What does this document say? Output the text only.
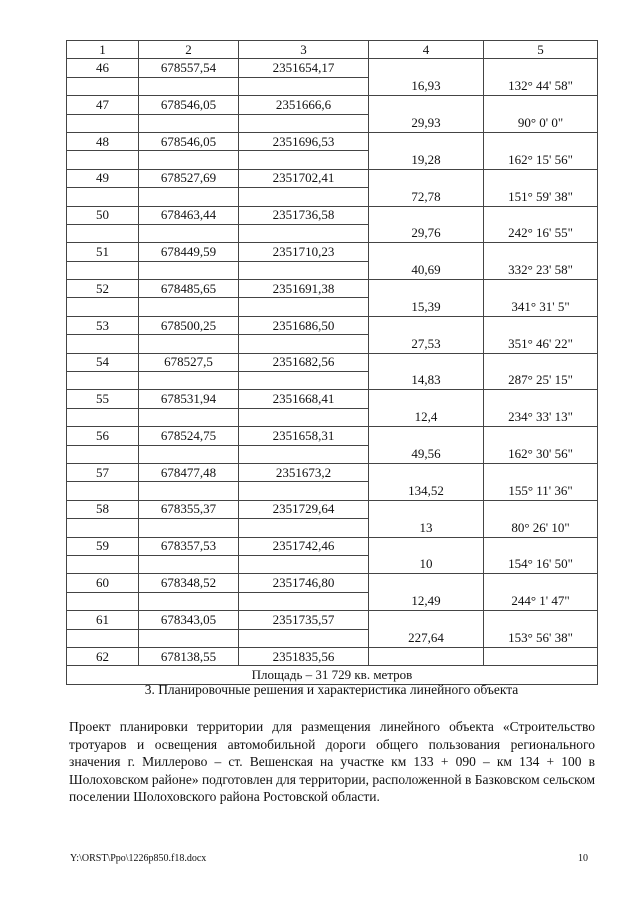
1	2	3	4	5
46	678557,54	2351654,17		
			16,93	132° 44' 58"
47	678546,05	2351666,6		
			29,93	90° 0' 0"
48	678546,05	2351696,53		
			19,28	162° 15' 56"
49	678527,69	2351702,41		
			72,78	151° 59' 38"
50	678463,44	2351736,58		
			29,76	242° 16' 55"
51	678449,59	2351710,23		
			40,69	332° 23' 58"
52	678485,65	2351691,38		
			15,39	341° 31' 5"
53	678500,25	2351686,50		
			27,53	351° 46' 22"
54	678527,5	2351682,56		
			14,83	287° 25' 15"
55	678531,94	2351668,41		
			12,4	234° 33' 13"
56	678524,75	2351658,31		
			49,56	162° 30' 56"
57	678477,48	2351673,2		
			134,52	155° 11' 36"
58	678355,37	2351729,64		
			13	80° 26' 10"
59	678357,53	2351742,46		
			10	154° 16' 50"
60	678348,52	2351746,80		
			12,49	244° 1' 47"
61	678343,05	2351735,57		
			227,64	153° 56' 38"
62	678138,55	2351835,56		
Площадь – 31 729 кв. метров				

3. Планировочные решения и характеристика линейного объекта

Проект планировки территории для размещения линейного объекта «Строительство тротуаров и освещения автомобильной дороги общего пользования регионального значения г. Миллерово – ст. Вешенская на участке км 133 + 090 – км 134 + 100 в Шолоховском районе» подготовлен для территории, расположенной в Базковском сельском поселении Шолоховского района Ростовской области.

Y:\ORST\Ppo\1226p850.f18.docx	10
